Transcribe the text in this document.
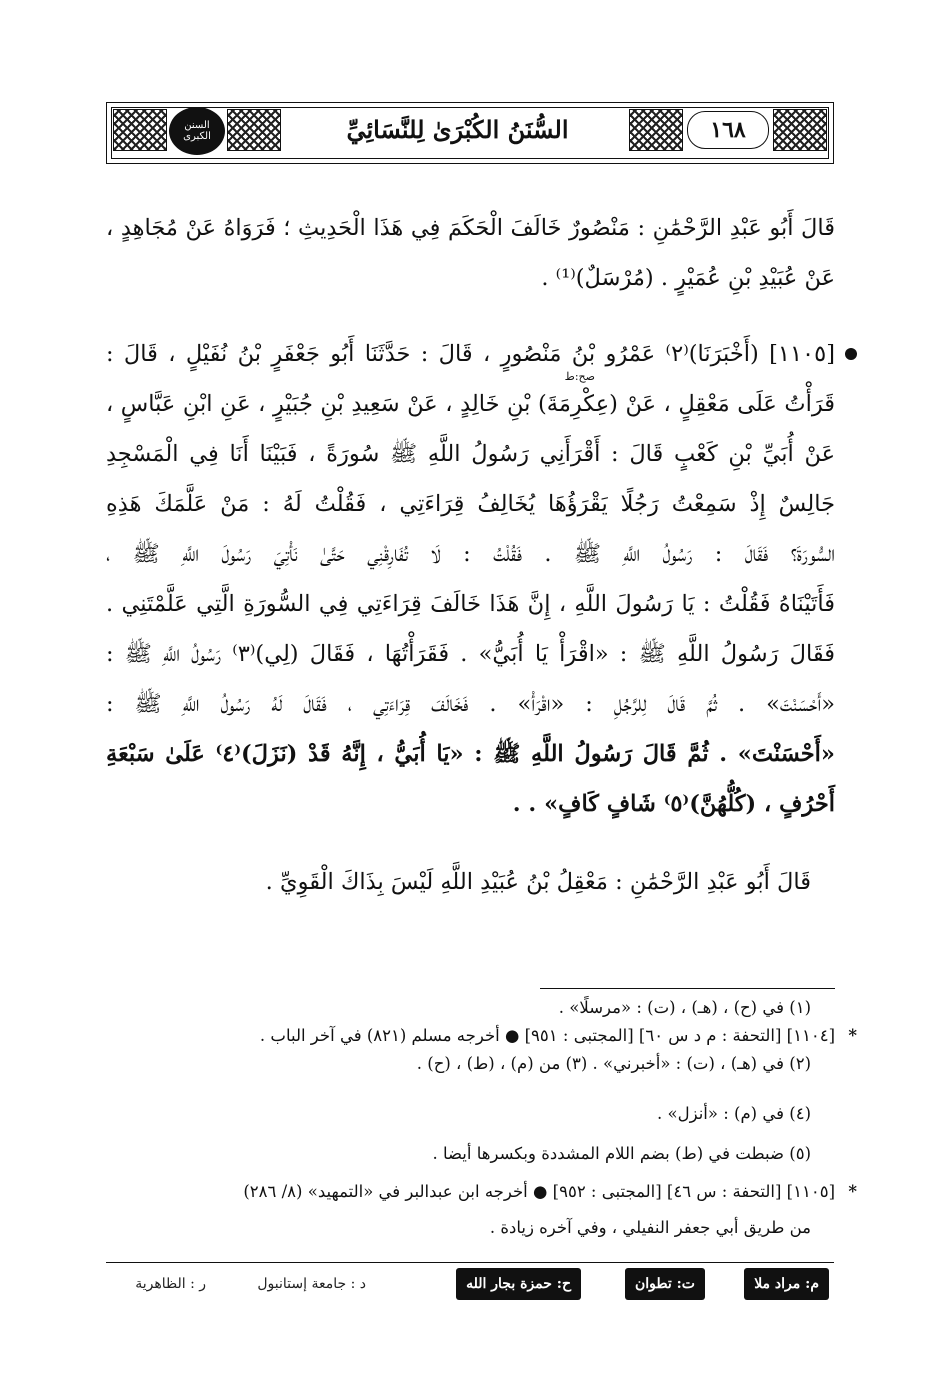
١٦٨
السُّنَنُ الكُبْرَىٰ لِلنَّسَائِيِّ
السنن الكبرى
قَالَ أَبُو عَبْدِ الرَّحْمَٰنِ : مَنْصُورٌ خَالَفَ الْحَكَمَ فِي هَذَا الْحَدِيثِ ؛ فَرَوَاهُ عَنْ مُجَاهِدٍ ،
عَنْ عُبَيْدِ بْنِ عُمَيْرٍ . (مُرْسَلٌ)⁽¹⁾ .
[١١٠٥] (أَخْبَرَنَا)⁽٢⁾ عَمْرُو بْنُ مَنْصُورٍ ، قَالَ : حَدَّثَنَا أَبُو جَعْفَرٍ بْنُ نُفَيْلٍ ، قَالَ :
صح:ط
قَرَأْتُ عَلَى مَعْقِلٍ ، عَنْ (عِكْرِمَةَ) بْنِ خَالِدٍ ، عَنْ سَعِيدِ بْنِ جُبَيْرٍ ، عَنِ ابْنِ عَبَّاسٍ ،
عَنْ أُبَيِّ بْنِ كَعْبٍ قَالَ : أَقْرَأَنِي رَسُولُ اللَّهِ ﷺ سُورَةً ، فَبَيْنَا أَنَا فِي الْمَسْجِدِ
جَالِسٌ إِذْ سَمِعْتُ رَجُلًا يَقْرَؤُهَا يُخَالِفُ قِرَاءَتِي ، فَقُلْتُ لَهُ : مَنْ عَلَّمَكَ هَذِهِ
السُّورَةَ؟ فَقَالَ : رَسُولُ اللَّهِ ﷺ . فَقُلْتُ : لَا تُفَارِقْنِي حَتَّىٰ نَأْتِيَ رَسُولَ اللَّهِ ﷺ ،
فَأَتَيْنَاهُ فَقُلْتُ : يَا رَسُولَ اللَّهِ ، إِنَّ هَذَا خَالَفَ قِرَاءَتِي فِي السُّورَةِ الَّتِي عَلَّمْتَنِي .
فَقَالَ رَسُولُ اللَّهِ ﷺ : «اقْرَأْ يَا أُبَيُّ» . فَقَرَأْتُهَا ، فَقَالَ (لِي)⁽٣⁾ رَسُولُ اللَّهِ ﷺ :
«أَحْسَنْتَ» . ثُمَّ قَالَ لِلرَّجُلِ : «اقْرَأْ» . فَخَالَفَ قِرَاءَتِي ، فَقَالَ لَهُ رَسُولُ اللَّهِ ﷺ :
«أَحْسَنْتَ» . ثُمَّ قَالَ رَسُولُ اللَّهِ ﷺ : «يَا أُبَيُّ ، إِنَّهُ قَدْ (نَزَلَ)⁽٤⁾ عَلَىٰ سَبْعَةِ
أَحْرُفٍ ، (كُلُّهُنَّ)⁽٥⁾ شَافٍ كَافٍ» . .
قَالَ أَبُو عَبْدِ الرَّحْمَٰنِ : مَعْقِلُ بْنُ عُبَيْدِ اللَّهِ لَيْسَ بِذَاكَ الْقَوِيِّ .
(١) في (ح) ، (هـ) ، (ت) : «مرسلًا» .
*
[١١٠٤] [التحفة : م د س ٦٠] [المجتبى : ٩٥١] ● أخرجه مسلم (٨٢١) في آخر الباب .
(٢) في (هـ) ، (ت) : «أخبرني» . (٣) من (م) ، (ط) ، (ح) .
(٤) في (م) : «أنزل» .
(٥) ضبطت في (ط) بضم اللام المشددة وبكسرها أيضا .
*
[١١٠٥] [التحفة : س ٤٦] [المجتبى : ٩٥٢] ● أخرجه ابن عبدالبر في «التمهيد» (٨/ ٢٨٦)
من طريق أبي جعفر النفيلي ، وفي آخره زيادة .
م: مراد ملا
ت: تطوان
ح: حمزة بجار الله
د : جامعة إستانبول
ر : الظاهرية
